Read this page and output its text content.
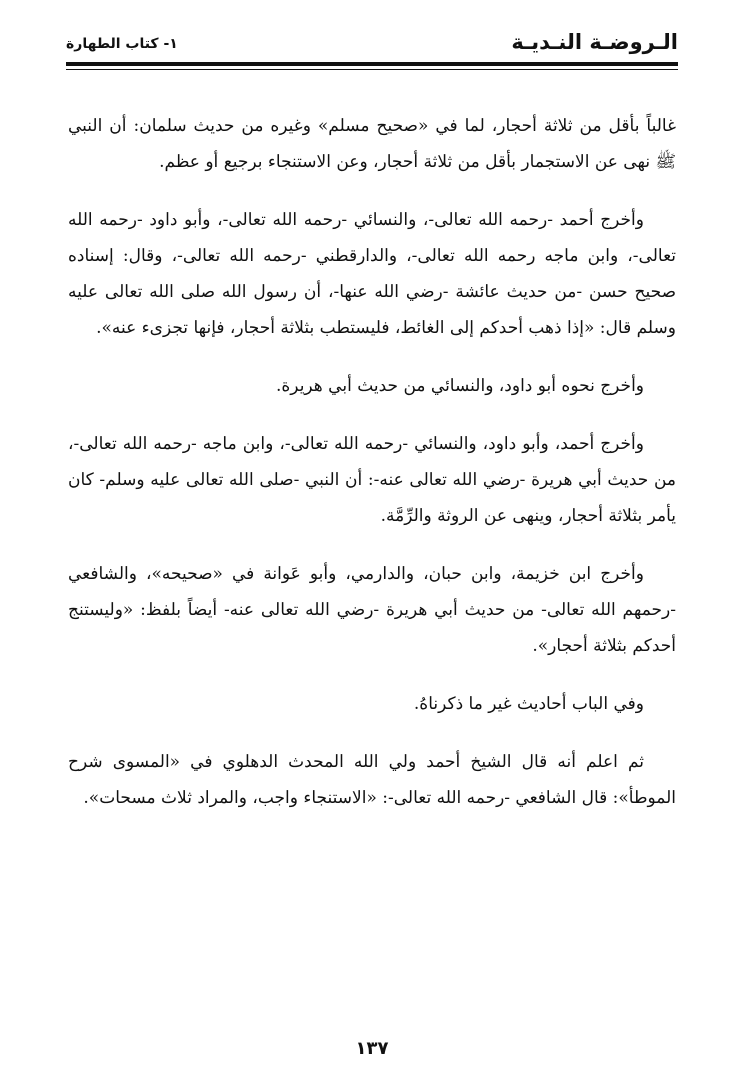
الـروضـة النـديـة
١- كتاب الطهارة

غالباً بأقل من ثلاثة أحجار، لما في «صحيح مسلم» وغيره من حديث سلمان: أن النبي ﷺ نهى عن الاستجمار بأقل من ثلاثة أحجار، وعن الاستنجاء برجيع أو عظم.

وأخرج أحمد -رحمه الله تعالى-، والنسائي -رحمه الله تعالى-، وأبو داود -رحمه الله تعالى-، وابن ماجه رحمه الله تعالى-، والدارقطني -رحمه الله تعالى-، وقال: إسناده صحيح حسن -من حديث عائشة -رضي الله عنها-، أن رسول الله صلى الله تعالى عليه وسلم قال: «إذا ذهب أحدكم إلى الغائط، فليستطب بثلاثة أحجار، فإنها تجزىء عنه».

وأخرج نحوه أبو داود، والنسائي من حديث أبي هريرة.

وأخرج أحمد، وأبو داود، والنسائي -رحمه الله تعالى-، وابن ماجه -رحمه الله تعالى-، من حديث أبي هريرة -رضي الله تعالى عنه-: أن النبي -صلى الله تعالى عليه وسلم- كان يأمر بثلاثة أحجار، وينهى عن الروثة والرِّمَّة.

وأخرج ابن خزيمة، وابن حبان، والدارمي، وأبو عَوانة في «صحيحه»، والشافعي -رحمهم الله تعالى- من حديث أبي هريرة -رضي الله تعالى عنه- أيضاً بلفظ: «وليستنج أحدكم بثلاثة أحجار».

وفي الباب أحاديث غير ما ذكرناهُ.

ثم اعلم أنه قال الشيخ أحمد ولي الله المحدث الدهلوي في «المسوى شرح الموطأ»: قال الشافعي -رحمه الله تعالى-: «الاستنجاء واجب، والمراد ثلاث مسحات».

١٣٧
